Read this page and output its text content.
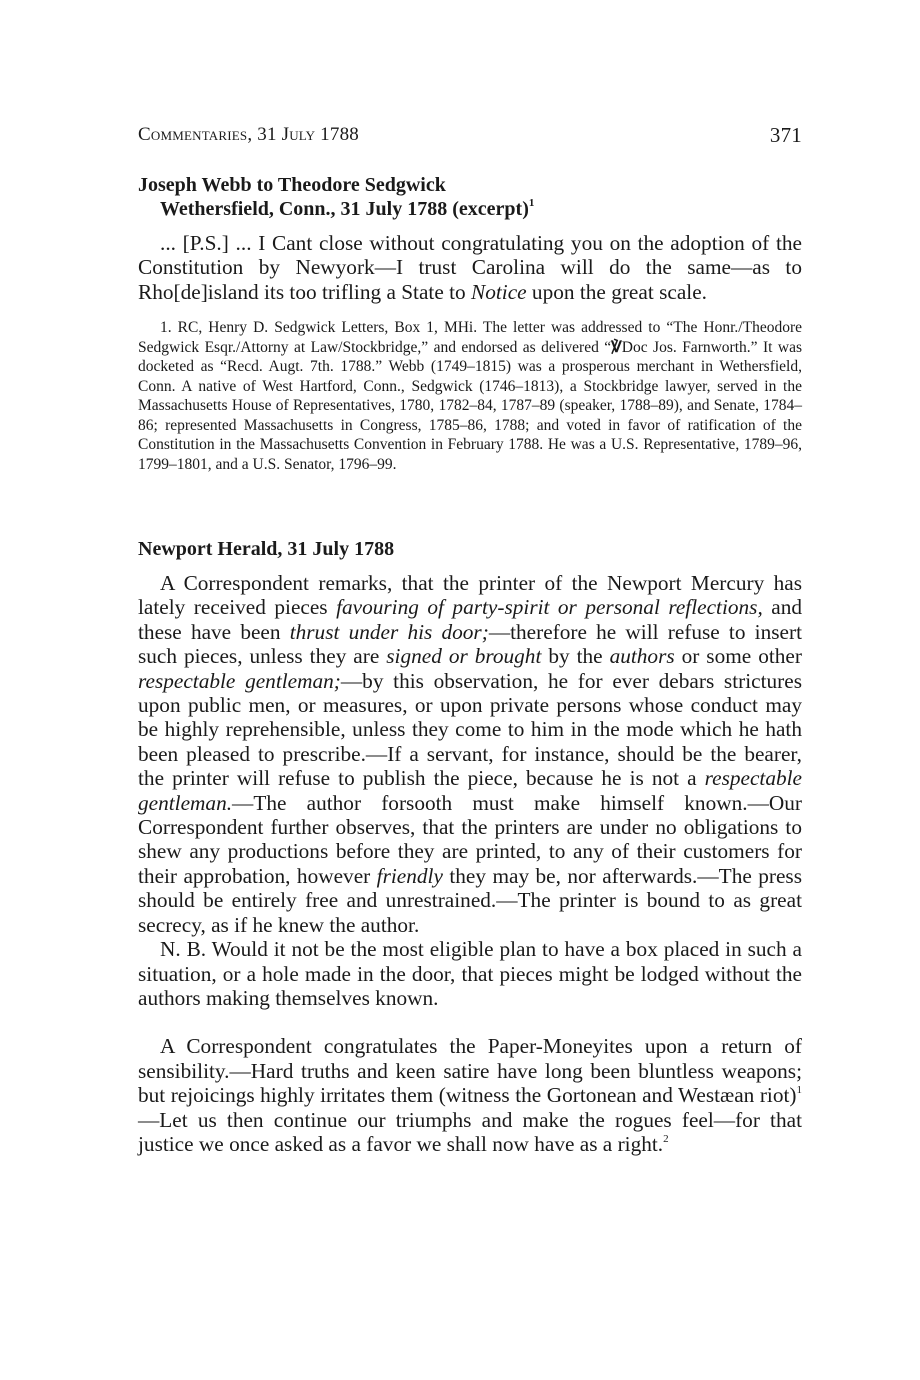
Commentaries, 31 July 1788	371
Joseph Webb to Theodore Sedgwick
Wethersfield, Conn., 31 July 1788 (excerpt)$^1$

... [P.S.] ... I Cant close without congratulating you on the adoption of the Constitution by Newyork—I trust Carolina will do the same—as to Rho[de]island its too trifling a State to Notice upon the great scale.

1. RC, Henry D. Sedgwick Letters, Box 1, MHi. The letter was addressed to “The Honr./Theodore Sedgwick Esqr./Attorny at Law/Stockbridge,” and endorsed as delivered “℣Doc Jos. Farnworth.” It was docketed as “Recd. Augt. 7th. 1788.” Webb (1749–1815) was a prosperous merchant in Wethersfield, Conn. A native of West Hartford, Conn., Sedgwick (1746–1813), a Stockbridge lawyer, served in the Massachusetts House of Representatives, 1780, 1782–84, 1787–89 (speaker, 1788–89), and Senate, 1784–86; represented Massachusetts in Congress, 1785–86, 1788; and voted in favor of ratification of the Constitution in the Massachusetts Convention in February 1788. He was a U.S. Representative, 1789–96, 1799–1801, and a U.S. Senator, 1796–99.

Newport Herald, 31 July 1788

A Correspondent remarks, that the printer of the Newport Mercury has lately received pieces favouring of party-spirit or personal reflections, and these have been thrust under his door;—therefore he will refuse to insert such pieces, unless they are signed or brought by the authors or some other respectable gentleman;—by this observation, he for ever debars strictures upon public men, or measures, or upon private persons whose conduct may be highly reprehensible, unless they come to him in the mode which he hath been pleased to prescribe.—If a servant, for instance, should be the bearer, the printer will refuse to publish the piece, because he is not a respectable gentleman.—The author forsooth must make himself known.—Our Correspondent further observes, that the printers are under no obligations to shew any productions before they are printed, to any of their customers for their approbation, however friendly they may be, nor afterwards.—The press should be entirely free and unrestrained.—The printer is bound to as great secrecy, as if he knew the author.

N. B. Would it not be the most eligible plan to have a box placed in such a situation, or a hole made in the door, that pieces might be lodged without the authors making themselves known.

A Correspondent congratulates the Paper-Moneyites upon a return of sensibility.—Hard truths and keen satire have long been bluntless weapons; but rejoicings highly irritates them (witness the Gortonean and Westæan riot)$^1$—Let us then continue our triumphs and make the rogues feel—for that justice we once asked as a favor we shall now have as a right.$^2$
